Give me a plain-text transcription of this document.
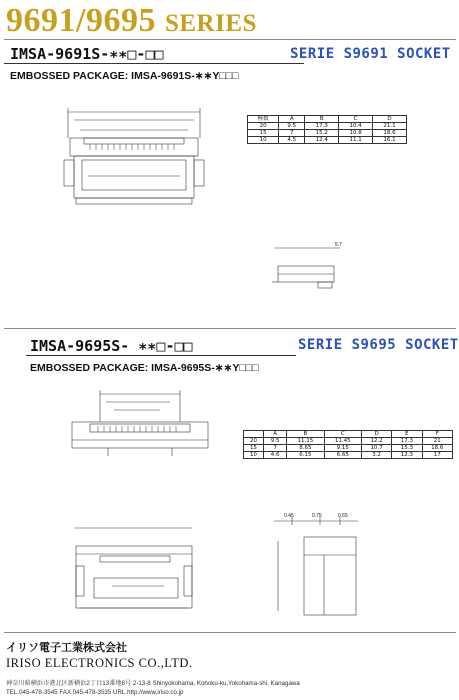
9691/9695 SERIES
IMSA-9691S-∗∗□-□□	SERIE S9691 SOCKET
EMBOSSED PACKAGE: IMSA-9691S-∗∗Y□□□
極数	A	B	C	D
20	9.5	17.3	10.4	21.1
15	7	15.2	10.8	18.6
10	4.5	12.4	11.1	16.1
5.7
IMSA-9695S- ∗∗□-□□	SERIE S9695 SOCKET
EMBOSSED PACKAGE: IMSA-9695S-∗∗Y□□□
	A	B	C	D	E	F
20	9.5	11.15	11.45	12.2	17.3	21
15	7	8.65	9.15	10.7	15.3	18.6
10	4.6	6.15	6.65	3.2	12.3	17
0.45	0.75	0.65
イリソ電子工業株式会社
IRISO ELECTRONICS CO.,LTD.
神奈川県横浜市港北区新横浜2丁目13番地8号 2-13-8 Shinyokohama, Kohoku-ku,Yokohama-shi, Kanagawa
TEL.045-478-3545 FAX.045-478-3535 URL.http://www.iriso.co.jp
